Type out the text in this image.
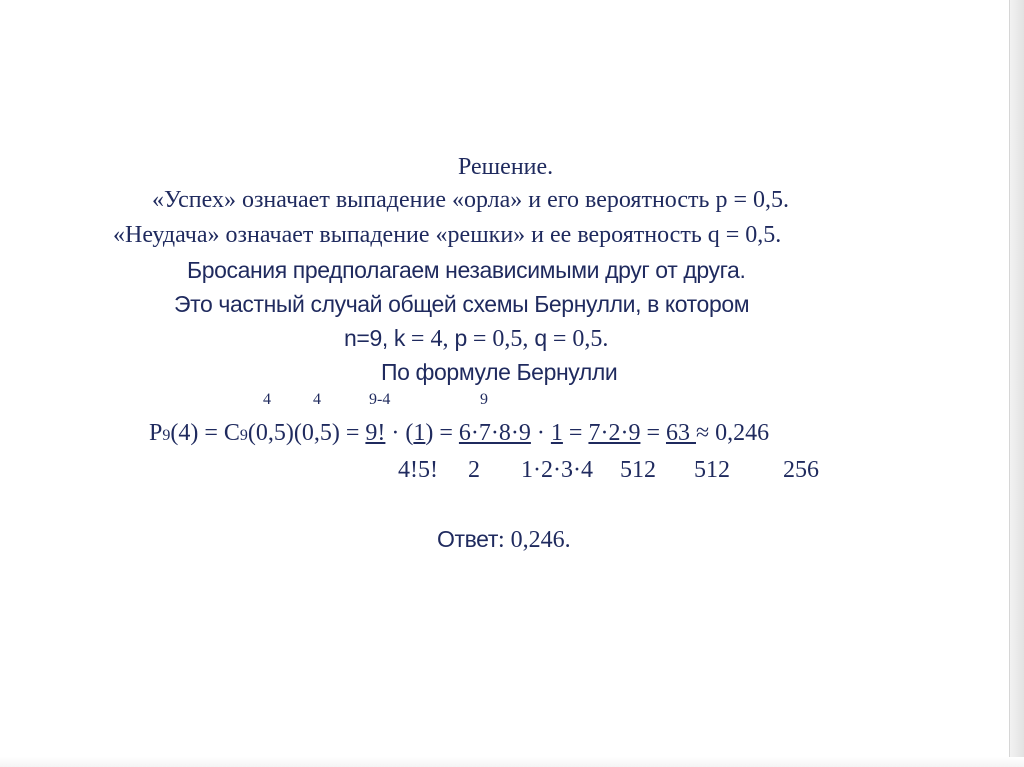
Решение.
«Успех» означает выпадение «орла» и его вероятность р = 0,5.
«Неудача» означает выпадение «решки» и ее вероятность q = 0,5.
Бросания предполагаем независимыми друг от друга.
Это частный случай общей схемы Бернулли, в котором
n=9, k = 4, р = 0,5, q = 0,5.
По формуле Бернулли
4	4	9-4	9
P9(4) = С9(0,5)(0,5) = 9! · (1) = 6·7·8·9 · 1 = 7·2·9 = 63 ≈ 0,246
4!5! 2 1·2·3·4 512 512 256
Ответ: 0,246.
